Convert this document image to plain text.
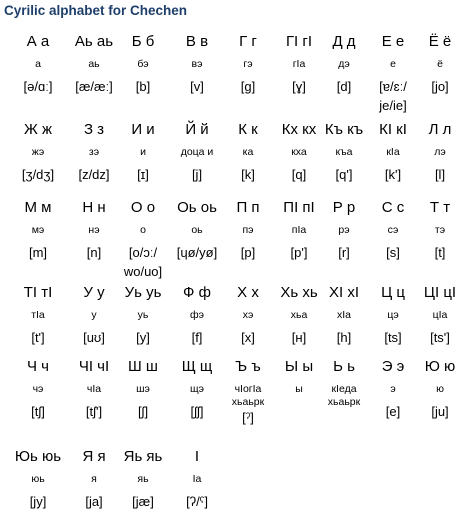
Cyrilic alphabet for Chechen
А а
а
[ə/ɑː]
Аь аь
аь
[æ/æː]
Б б
бэ
[b]
В в
вэ
[v]
Г г
гэ
[g]
ГI гI
гIа
[ɣ]
Д д
дэ
[d]
Е е
е
[ɐ/ɛː/
je/ie]
Ё ё
ё
[jo]
Ж ж
жэ
[ʒ/dʒ]
З з
зэ
[z/dz]
И и
и
[ɪ]
Й й
доца и
[j]
К к
ка
[k]
Кх кх
кха
[q]
Къ къ
къа
[q']
КI кI
кIа
[k']
Л л
лэ
[l]
М м
мэ
[m]
Н н
нэ
[n]
О о
о
[o/ɔː/
wo/uo]
Оь оь
оь
[ɥø/yø]
П п
пэ
[p]
ПI пI
пIа
[p']
Р р
рэ
[r]
С с
сэ
[s]
Т т
тэ
[t]
ТI тI
тIа
[t']
У у
у
[uʊ]
Уь уь
уь
[y]
Ф ф
фэ
[f]
Х х
хэ
[x]
Хь хь
хьа
[ʜ]
ХI хI
хIа
[h]
Ц ц
цэ
[ts]
ЦI цI
цIа
[ts']
Ч ч
чэ
[tʃ]
ЧI чI
чIа
[tʃ']
Ш ш
шэ
[ʃ]
Щ щ
щэ
[ʃʃ]
Ъ ъ
чIогIа
хьаьрк
[ˀ]
Ы ы
ы
Ь ь
кIеда
хьаьрк
Э э
э
[e]
Ю ю
ю
[ju]
Юь юь
юь
[jy]
Я я
я
[ja]
Яь яь
яь
[jæ]
I
Iа
[ʔ/ˤ]
